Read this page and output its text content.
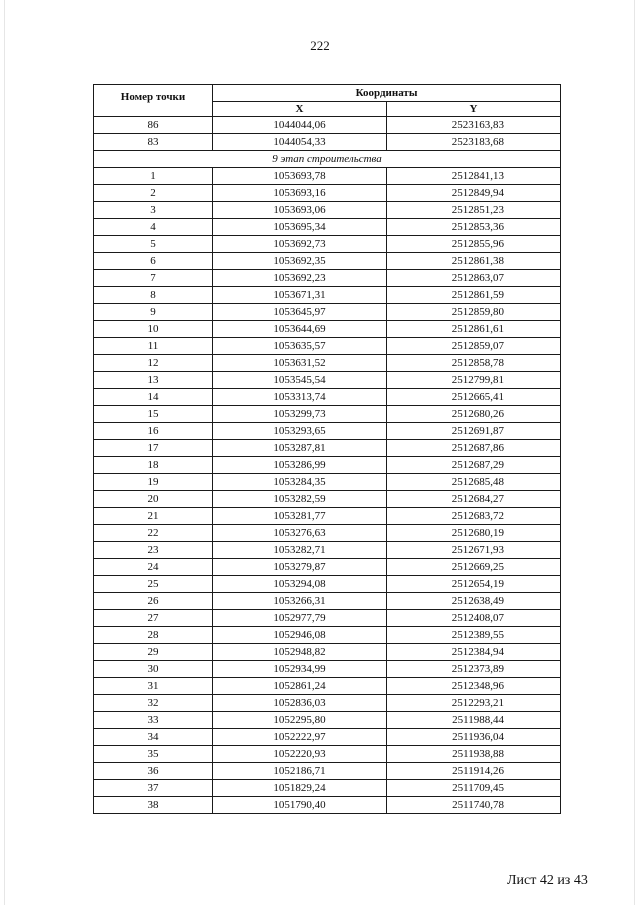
222
Номер точки	Координаты	
	X	Y
86	1044044,06	2523163,83
83	1044054,33	2523183,68
9 этап строительства		
1	1053693,78	2512841,13
2	1053693,16	2512849,94
3	1053693,06	2512851,23
4	1053695,34	2512853,36
5	1053692,73	2512855,96
6	1053692,35	2512861,38
7	1053692,23	2512863,07
8	1053671,31	2512861,59
9	1053645,97	2512859,80
10	1053644,69	2512861,61
11	1053635,57	2512859,07
12	1053631,52	2512858,78
13	1053545,54	2512799,81
14	1053313,74	2512665,41
15	1053299,73	2512680,26
16	1053293,65	2512691,87
17	1053287,81	2512687,86
18	1053286,99	2512687,29
19	1053284,35	2512685,48
20	1053282,59	2512684,27
21	1053281,77	2512683,72
22	1053276,63	2512680,19
23	1053282,71	2512671,93
24	1053279,87	2512669,25
25	1053294,08	2512654,19
26	1053266,31	2512638,49
27	1052977,79	2512408,07
28	1052946,08	2512389,55
29	1052948,82	2512384,94
30	1052934,99	2512373,89
31	1052861,24	2512348,96
32	1052836,03	2512293,21
33	1052295,80	2511988,44
34	1052222,97	2511936,04
35	1052220,93	2511938,88
36	1052186,71	2511914,26
37	1051829,24	2511709,45
38	1051790,40	2511740,78
Лист 42 из 43
